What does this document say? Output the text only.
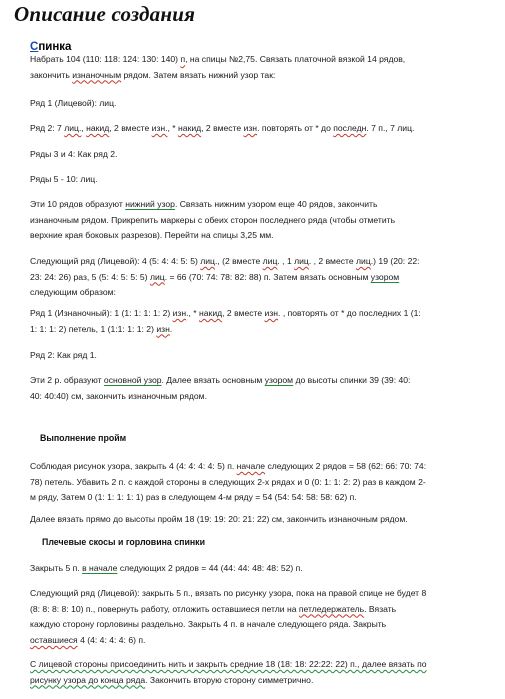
Описание создания
Спинка
Набрать 104 (110: 118: 124: 130: 140) п, на спицы №2,75. Связать платочной вязкой 14 рядов,
закончить изнаночным рядом. Затем вязать нижний узор так:
Ряд 1 (Лицевой): лиц.
Ряд 2: 7 лиц., накид, 2 вместе изн., * накид, 2 вместе изн. повторять от * до последн. 7 п., 7 лиц.
Ряды 3 и 4: Как ряд 2.
Ряды 5 - 10: лиц.
Эти 10 рядов образуют нижний узор. Связать нижним узором еще 40 рядов, закончить
изнаночным рядом. Прикрепить маркеры с обеих сторон последнего ряда (чтобы отметить
верхние края боковых разрезов). Перейти на спицы 3,25 мм.
Следующий ряд (Лицевой): 4 (5: 4: 4: 5: 5) лиц., (2 вместе лиц. , 1 лиц. , 2 вместе лиц.) 19 (20: 22:
23: 24: 26) раз, 5 (5: 4: 5: 5: 5) лиц. = 66 (70: 74: 78: 82: 88) п. Затем вязать основным узором
следующим образом:
Ряд 1 (Изнаночный): 1 (1: 1: 1: 1: 2) изн., * накид, 2 вместе изн. , повторять от * до последних 1 (1:
1: 1: 1: 2) петель, 1 (1:1: 1: 1: 2) изн.
Ряд 2: Как ряд 1.
Эти 2 р. образуют основной узор. Далее вязать основным узором до высоты спинки 39 (39: 40:
40: 40:40) см, закончить изнаночным рядом.
Выполнение пройм
Соблюдая рисунок узора, закрыть 4 (4: 4: 4: 4: 5) п. начале следующих 2 рядов = 58 (62: 66: 70: 74:
78) петель. Убавить 2 п. с каждой стороны в следующих 2-х рядах и 0 (0: 1: 1: 2: 2) раз в каждом 2-
м ряду, Затем 0 (1: 1: 1: 1: 1) раз в следующем 4-м ряду = 54 (54: 54: 58: 58: 62) п.
Далее вязать прямо до высоты пройм 18 (19: 19: 20: 21: 22) см, закончить изнаночным рядом.
Плечевые скосы и горловина спинки
Закрыть 5 п. в начале следующих 2 рядов = 44 (44: 44: 48: 48: 52) п.
Следующий ряд (Лицевой): закрыть 5 п., вязать по рисунку узора, пока на правой спице не будет 8
(8: 8: 8: 8: 10) п., повернуть работу, отложить оставшиеся петли на петледержатель. Вязать
каждую сторону горловины раздельно. Закрыть 4 п. в начале следующего ряда. Закрыть
оставшиеся 4 (4: 4: 4: 4: 6) п.
С лицевой стороны присоединить нить и закрыть средние 18 (18: 18: 22:22: 22) п., далее вязать по
рисунку узора до конца ряда. Закончить вторую сторону симметрично.
